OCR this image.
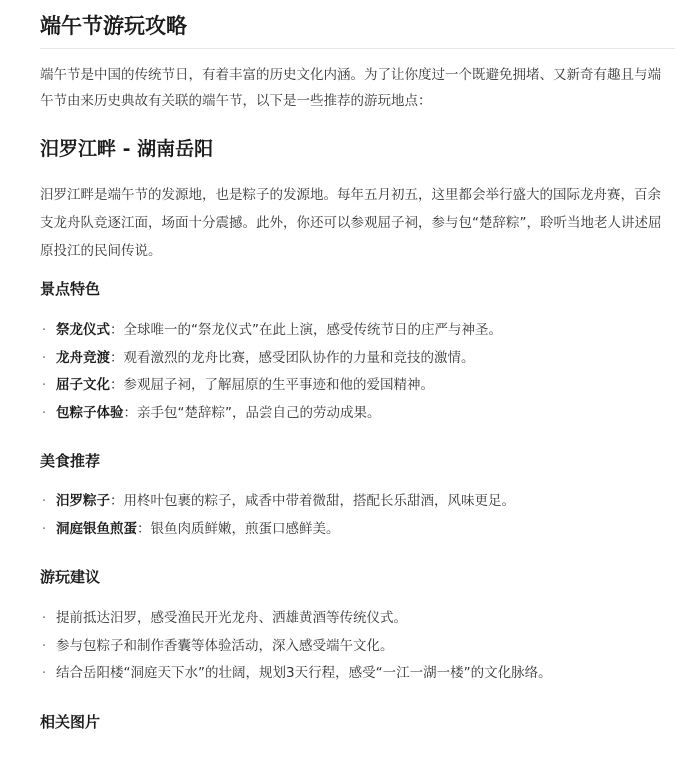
端午节游玩攻略

端午节是中国的传统节日，有着丰富的历史文化内涵。为了让你度过一个既避免拥堵、又新奇有趣且与端午节由来历史典故有关联的端午节，以下是一些推荐的游玩地点：

汨罗江畔 - 湖南岳阳

汨罗江畔是端午节的发源地，也是粽子的发源地。每年五月初五，这里都会举行盛大的国际龙舟赛，百余支龙舟队竞逐江面，场面十分震撼。此外，你还可以参观屈子祠，参与包“楚辞粽”，聆听当地老人讲述屈原投江的民间传说。

景点特色
· 祭龙仪式：全球唯一的“祭龙仪式”在此上演，感受传统节日的庄严与神圣。
· 龙舟竞渡：观看激烈的龙舟比赛，感受团队协作的力量和竞技的激情。
· 屈子文化：参观屈子祠，了解屈原的生平事迹和他的爱国精神。
· 包粽子体验：亲手包“楚辞粽”，品尝自己的劳动成果。
美食推荐
· 汨罗粽子：用柊叶包裹的粽子，咸香中带着微甜，搭配长乐甜酒，风味更足。
· 洞庭银鱼煎蛋：银鱼肉质鲜嫩，煎蛋口感鲜美。
游玩建议
· 提前抵达汨罗，感受渔民开光龙舟、洒雄黄酒等传统仪式。
· 参与包粽子和制作香囊等体验活动，深入感受端午文化。
· 结合岳阳楼“洞庭天下水”的壮阔，规划3天行程，感受“一江一湖一楼”的文化脉络。
相关图片
